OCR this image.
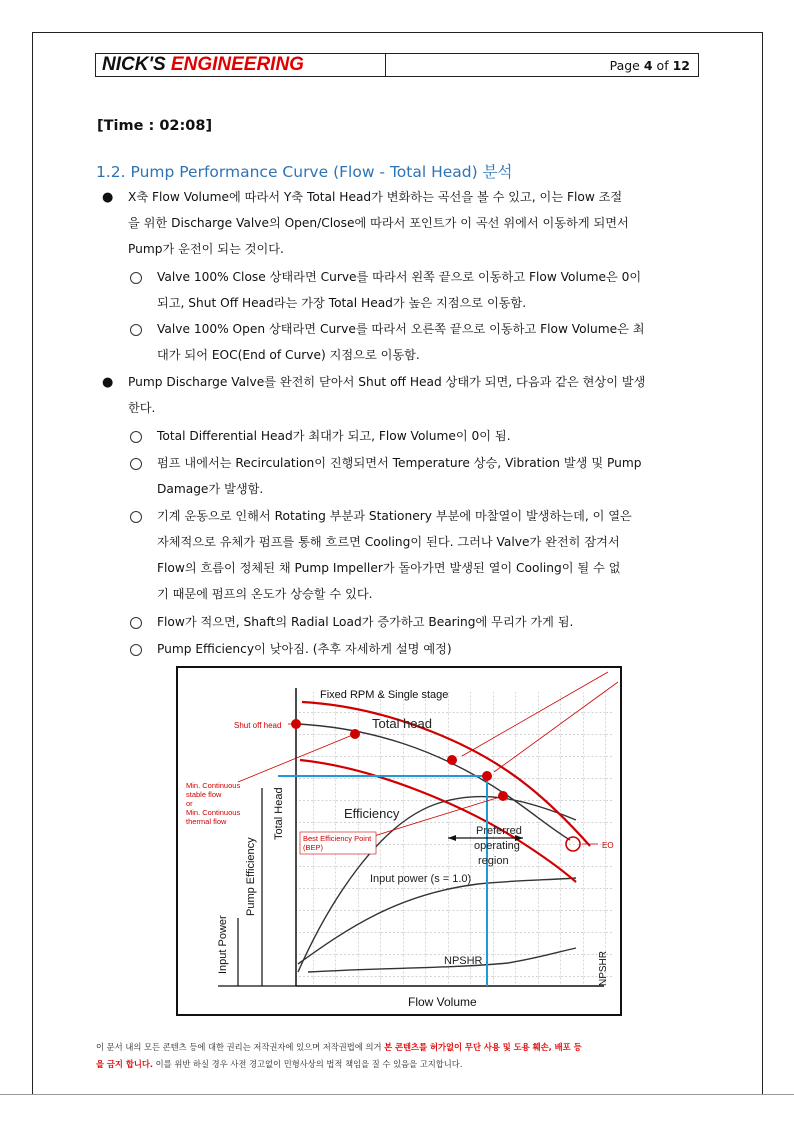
NICK'S ENGINEERING	Page 4 of 12
[Time : 02:08]
1.2. Pump Performance Curve (Flow - Total Head) 분석
● X축 Flow Volume에 따라서 Y축 Total Head가 변화하는 곡선을 볼 수 있고, 이는 Flow 조절
을 위한 Discharge Valve의 Open/Close에 따라서 포인트가 이 곡선 위에서 이동하게 되면서
Pump가 운전이 되는 것이다.
Valve 100% Close 상태라면 Curve를 따라서 왼쪽 끝으로 이동하고 Flow Volume은 0이
되고, Shut Off Head라는 가장 Total Head가 높은 지점으로 이동함.
Valve 100% Open 상태라면 Curve를 따라서 오른쪽 끝으로 이동하고 Flow Volume은 최
대가 되어 EOC(End of Curve) 지점으로 이동함.
● Pump Discharge Valve를 완전히 닫아서 Shut off Head 상태가 되면, 다음과 같은 현상이 발생
한다.
Total Differential Head가 최대가 되고, Flow Volume이 0이 됨.
펌프 내에서는 Recirculation이 진행되면서 Temperature 상승, Vibration 발생 및 Pump
Damage가 발생함.
기계 운동으로 인해서 Rotating 부분과 Stationery 부분에 마찰열이 발생하는데, 이 열은
자체적으로 유체가 펌프를 통해 흐르면 Cooling이 된다. 그러나 Valve가 완전히 잠겨서
Flow의 흐름이 정체된 채 Pump Impeller가 돌아가면 발생된 열이 Cooling이 될 수 없
기 때문에 펌프의 온도가 상승할 수 있다.
Flow가 적으면, Shaft의 Radial Load가 증가하고 Bearing에 무리가 가게 됨.
Pump Efficiency이 낮아짐. (추후 자세하게 설명 예정)
Fixed RPM & Single stage
Shut off head
Min. Continuous stable flow or Min. Continuous thermal flow
Best Efficiency Point (BEP)	EO
Total head
Efficiency
Preferred operating region
Input power (s = 1.0)
NPSHR
Flow Volume
Total Head
Pump Efficiency
Input Power	NPSHR
이 문서 내의 모든 콘텐츠 등에 대한 권리는 저작권자에 있으며 저작권법에 의거 본 콘텐츠를 허가없이 무단 사용 및 도용 훼손, 배포 등
을 금지 합니다. 이를 위반 하실 경우 사전 경고없이 민형사상의 법적 책임을 질 수 있음을 고지합니다.
